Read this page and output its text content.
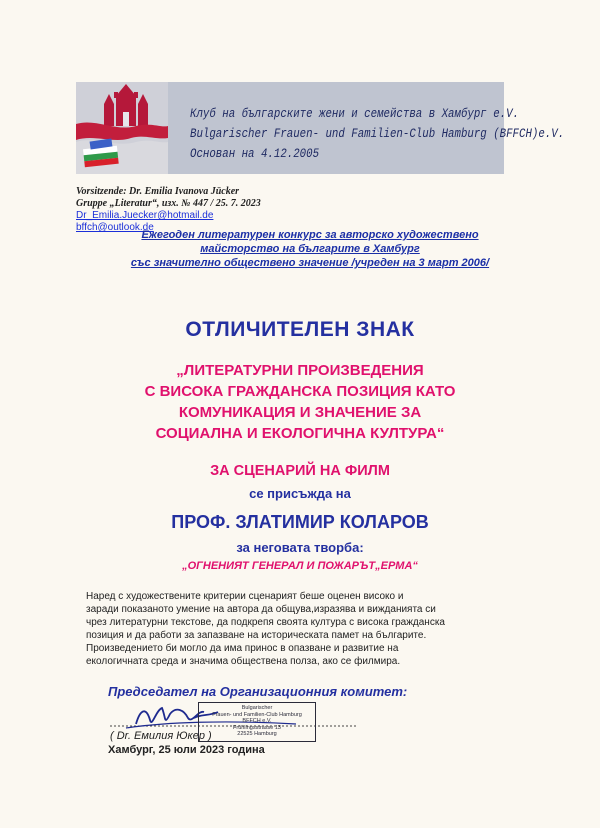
Клуб на българските жени и семейства в Хамбург e.V.
Bulgarischer Frauen- und Familien-Club Hamburg (BFFCH)e.V.
Основан на 4.12.2005
Vorsitzende: Dr. Emilia Ivanova Jücker
Gruppe „Literatur“, изх. № 447 / 25. 7. 2023
Dr_Emilia.Juecker@hotmail.de
bffch@outlook.de
Ежегоден литературен конкурс за авторско художествено
майсторство на българите в Хамбург
със значително обществено значение /учреден на 3 март 2006/
ОТЛИЧИТЕЛЕН ЗНАК
„ЛИТЕРАТУРНИ ПРОИЗВЕДЕНИЯ
С ВИСОКА ГРАЖДАНСКА ПОЗИЦИЯ КАТО
КОМУНИКАЦИЯ И ЗНАЧЕНИЕ ЗА
СОЦИАЛНА И ЕКОЛОГИЧНА КУЛТУРА“
ЗА СЦЕНАРИЙ НА ФИЛМ
се присъжда на
ПРОФ. ЗЛАТИМИР КОЛАРОВ
за неговата творба:
„ОГНЕНИЯТ ГЕНЕРАЛ И ПОЖАРЪТ„ЕРМА“
Наред с художествените критерии сценарият беше оценен високо и
заради показаното умение на автора да общува,изразява и вижданията си
чрез литературни текстове, да подкрепя своята култура с висока гражданска
позиция и да работи за запазване на историческата памет на българите.
Произведението би могло да има принос в опазване и развитие на
екологичната среда и значима обществена полза, ако се филмира.
Председател на Организационния комитет:
Bulgarischer
Frauen- und Familien-Club Hamburg
BFFCH e.V.
Frühlingsstrasse 13
22525 Hamburg
( Dr. Емилия Юкер )
Хамбург, 25 юли 2023 година
